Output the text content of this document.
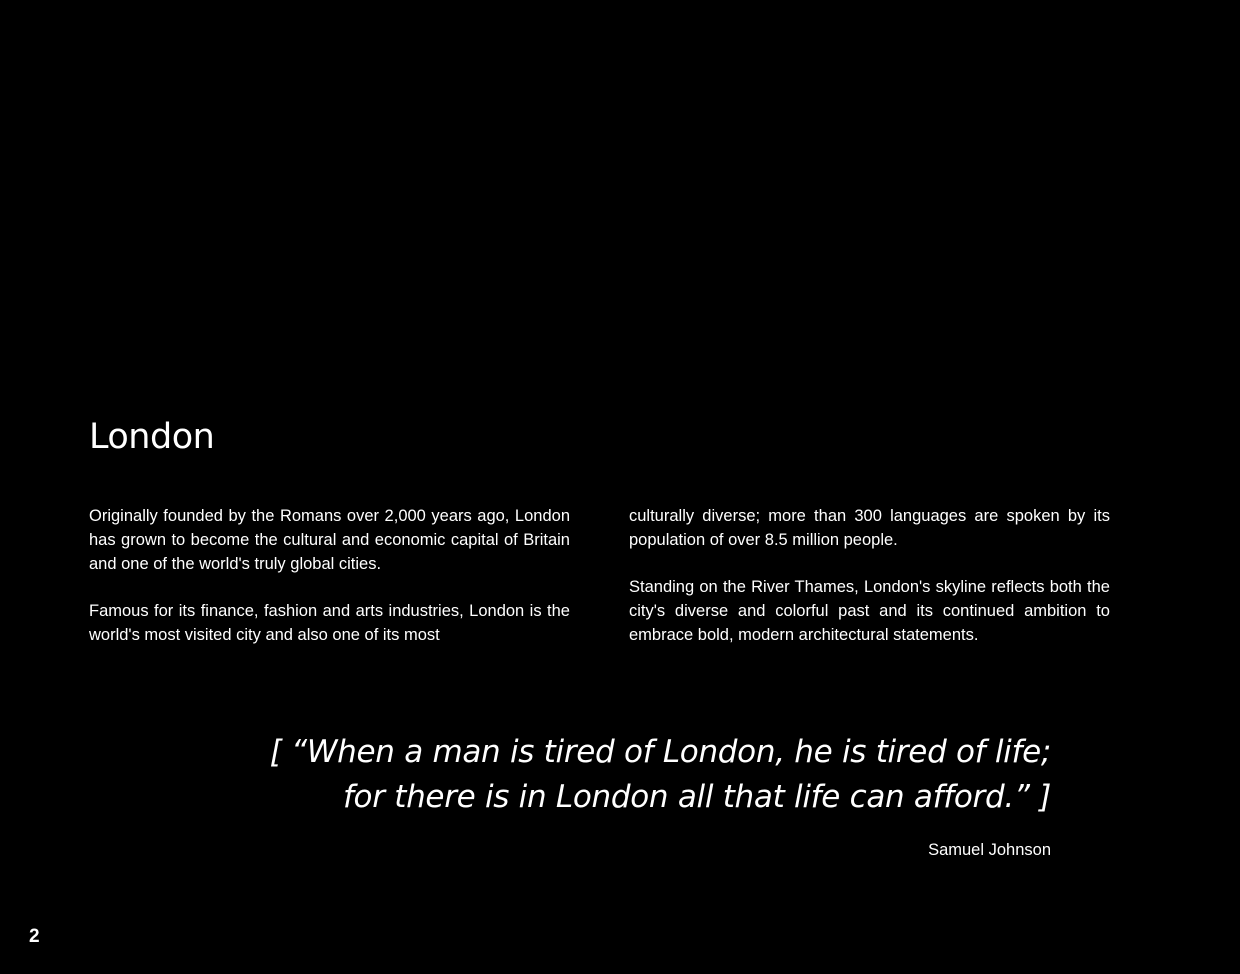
London

Originally founded by the Romans over 2,000 years ago, London has grown to become the cultural and economic capital of Britain and one of the world's truly global cities.

Famous for its finance, fashion and arts industries, London is the world's most visited city and also one of its most

culturally diverse; more than 300 languages are spoken by its population of over 8.5 million people.

Standing on the River Thames, London's skyline reflects both the city's diverse and colorful past and its continued ambition to embrace bold, modern architectural statements.

[ “When a man is tired of London, he is tired of life;
for there is in London all that life can afford.” ]
Samuel Johnson
2
